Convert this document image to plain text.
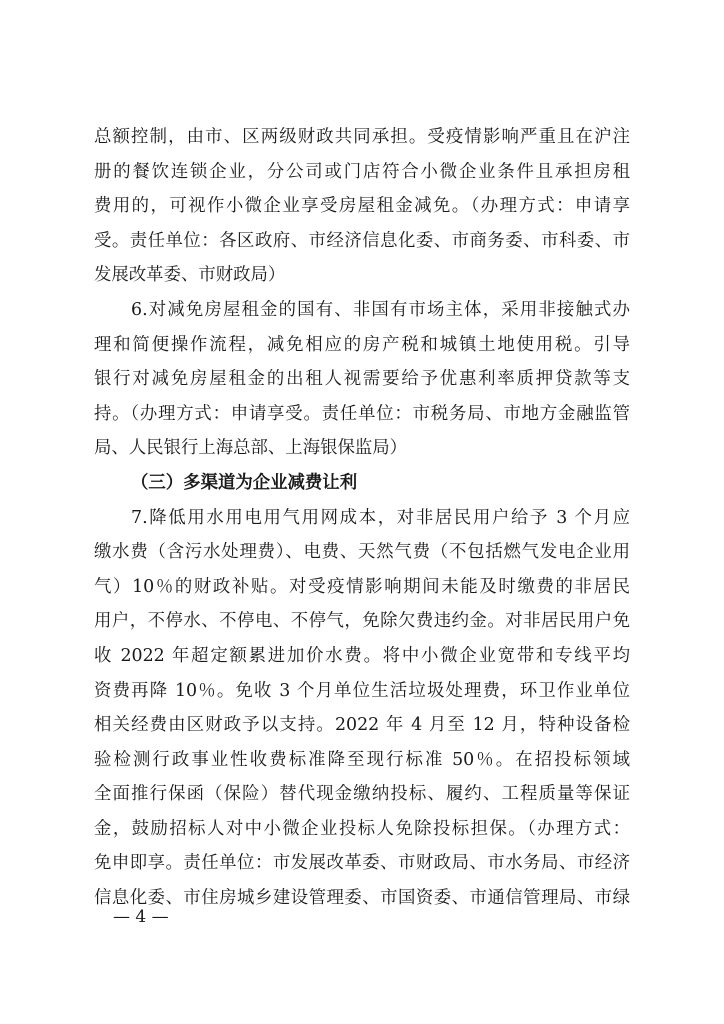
总额控制，由市、区两级财政共同承担。受疫情影响严重且在沪注
册的餐饮连锁企业，分公司或门店符合小微企业条件且承担房租
费用的，可视作小微企业享受房屋租金减免。（办理方式：申请享
受。责任单位：各区政府、市经济信息化委、市商务委、市科委、市
发展改革委、市财政局）
6.对减免房屋租金的国有、非国有市场主体，采用非接触式办
理和简便操作流程，减免相应的房产税和城镇土地使用税。引导
银行对减免房屋租金的出租人视需要给予优惠利率质押贷款等支
持。（办理方式：申请享受。责任单位：市税务局、市地方金融监管
局、人民银行上海总部、上海银保监局）
（三）多渠道为企业减费让利
7.降低用水用电用气用网成本，对非居民用户给予 3 个月应
缴水费（含污水处理费）、电费、天然气费（不包括燃气发电企业用
气）10％的财政补贴。对受疫情影响期间未能及时缴费的非居民
用户，不停水、不停电、不停气，免除欠费违约金。对非居民用户免
收 2022 年超定额累进加价水费。将中小微企业宽带和专线平均
资费再降 10％。免收 3 个月单位生活垃圾处理费，环卫作业单位
相关经费由区财政予以支持。2022 年 4 月至 12 月，特种设备检
验检测行政事业性收费标准降至现行标准 50％。在招投标领域
全面推行保函（保险）替代现金缴纳投标、履约、工程质量等保证
金，鼓励招标人对中小微企业投标人免除投标担保。（办理方式：
免申即享。责任单位：市发展改革委、市财政局、市水务局、市经济
信息化委、市住房城乡建设管理委、市国资委、市通信管理局、市绿
— 4 —
